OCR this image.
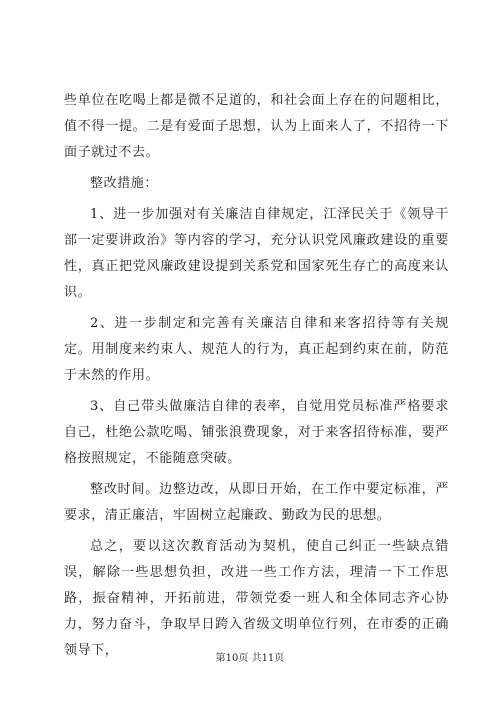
些单位在吃喝上都是微不足道的，和社会面上存在的问题相比，值不得一提。二是有爱面子思想，认为上面来人了，不招待一下面子就过不去。

整改措施：

1、进一步加强对有关廉洁自律规定，江泽民关于《领导干部一定要讲政治》等内容的学习，充分认识党风廉政建设的重要性，真正把党风廉政建设提到关系党和国家死生存亡的高度来认识。

2、进一步制定和完善有关廉洁自律和来客招待等有关规定。用制度来约束人、规范人的行为，真正起到约束在前，防范于未然的作用。

3、自己带头做廉洁自律的表率，自觉用党员标准严格要求自己，杜绝公款吃喝、铺张浪费现象，对于来客招待标准，要严格按照规定，不能随意突破。

整改时间。边整边改，从即日开始，在工作中要定标准，严要求，清正廉洁，牢固树立起廉政、勤政为民的思想。

总之，要以这次教育活动为契机，使自己纠正一些缺点错误，解除一些思想负担，改进一些工作方法，理清一下工作思路，振奋精神，开拓前进，带领党委一班人和全体同志齐心协力，努力奋斗，争取早日跨入省级文明单位行列，在市委的正确领导下，

第10页 共11页
